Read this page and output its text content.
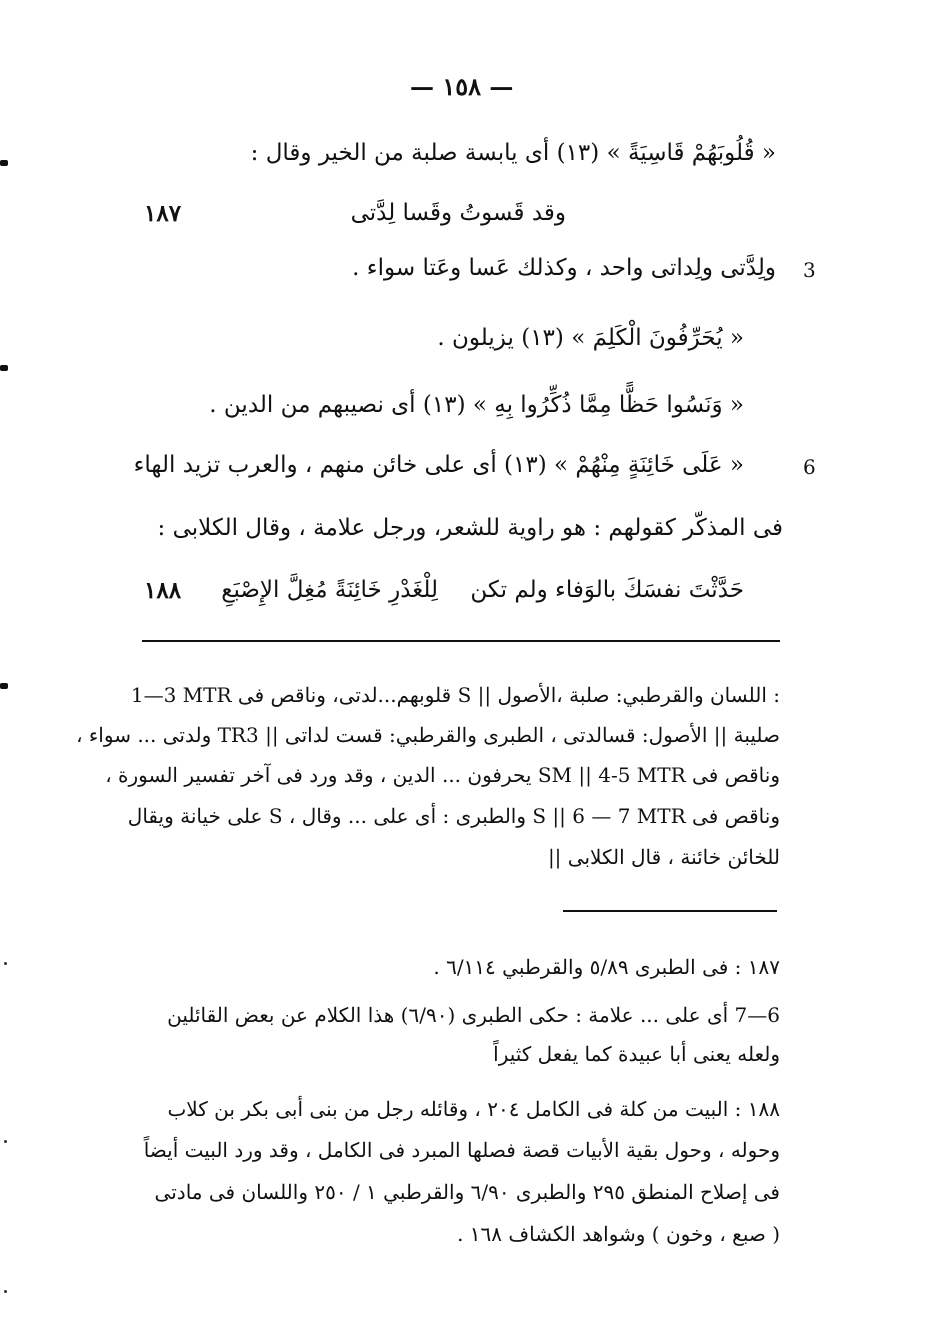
— ١٥٨ —
« قُلُوبَهُمْ قَاسِيَةً » (١٣) أى يابسة صلبة من الخير وقال :
وقد قَسوتُ وقَسا لِدَّتى
١٨٧
ولِدَّتى ولِداتى واحد ، وكذلك عَسا وعَتا سواء . 3
« يُحَرِّفُونَ الْكَلِمَ » (١٣) يزيلون .
« وَنَسُوا حَظًّا مِمَّا ذُكِّرُوا بِهِ » (١٣) أى نصيبهم من الدين .
« عَلَى خَائِنَةٍ مِنْهُمْ » (١٣) أى على خائن منهم ، والعرب تزيد الهاء	6
فى المذكّر كقولهم : هو راوية للشعر، ورجل علامة ، وقال الكلابى :
حَدَّثْتَ نفسَكَ بالوَفاء ولم تكن
لِلْغَدْرِ خَائِنَةً مُغِلَّ الإِصْبَعِ
١٨٨
1—3 MTR قلوبهم...لدتى، وناقص فى S || اللسان والقرطبي: صلبة ،الأصول :
صليبة || الأصول: قسالدتى ، الطبرى والقرطبي: قست لداتى || TR3 ولدتى ... سواء ،
وناقص فى SM || 4-5 MTR يحرفون ... الدين ، وقد ورد فى آخر تفسير السورة ،
وناقص فى S || 6 — 7 MTR والطبرى : أى على ... وقال ، S على خيانة ويقال
للخائن خائنة ، قال الكلابى ||
١٨٧ : فى الطبرى ٥/٨٩ والقرطبي ٦/١١٤ .
6—7 أى على ... علامة : حكى الطبرى (٦/٩٠) هذا الكلام عن بعض القائلين
ولعله يعنى أبا عبيدة كما يفعل كثيراً
١٨٨ : البيت من كلة فى الكامل ٢٠٤ ، وقائله رجل من بنى أبى بكر بن كلاب
وحوله ، وحول بقية الأبيات قصة فصلها المبرد فى الكامل ، وقد ورد البيت أيضاً
فى إصلاح المنطق ٢٩٥ والطبرى ٦/٩٠ والقرطبي ١ / ٢٥٠ واللسان فى مادتى
( صبع ، وخون ) وشواهد الكشاف ١٦٨ .
